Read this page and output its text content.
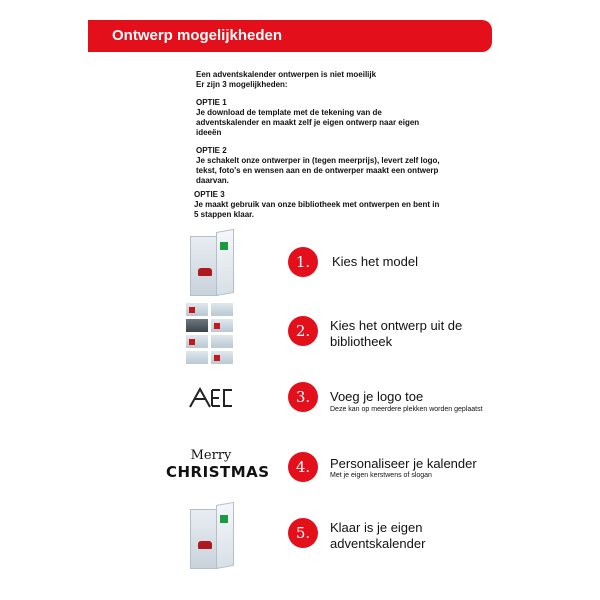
Ontwerp mogelijkheden

Een adventskalender ontwerpen is niet moeilijk

Er zijn 3 mogelijkheden:

OPTIE 1

Je download de template met de tekening van de adventskalender en maakt zelf je eigen ontwerp naar eigen ideeën

OPTIE 2

Je schakelt onze ontwerper in (tegen meerprijs), levert zelf logo, tekst, foto's en wensen aan en de ontwerper maakt een ontwerp daarvan.

OPTIE 3

Je maakt gebruik van onze bibliotheek met ontwerpen en bent in 5 stappen klaar.

1.	Kies het model
2.	Kies het ontwerp uit de bibliotheek
3.	Voeg je logo toe
Deze kan op meerdere plekken worden geplaatst
Merry
CHRISTMAS	4.	Personaliseer je kalender
Met je eigen kerstwens of slogan
5.	Klaar is je eigen adventskalender
